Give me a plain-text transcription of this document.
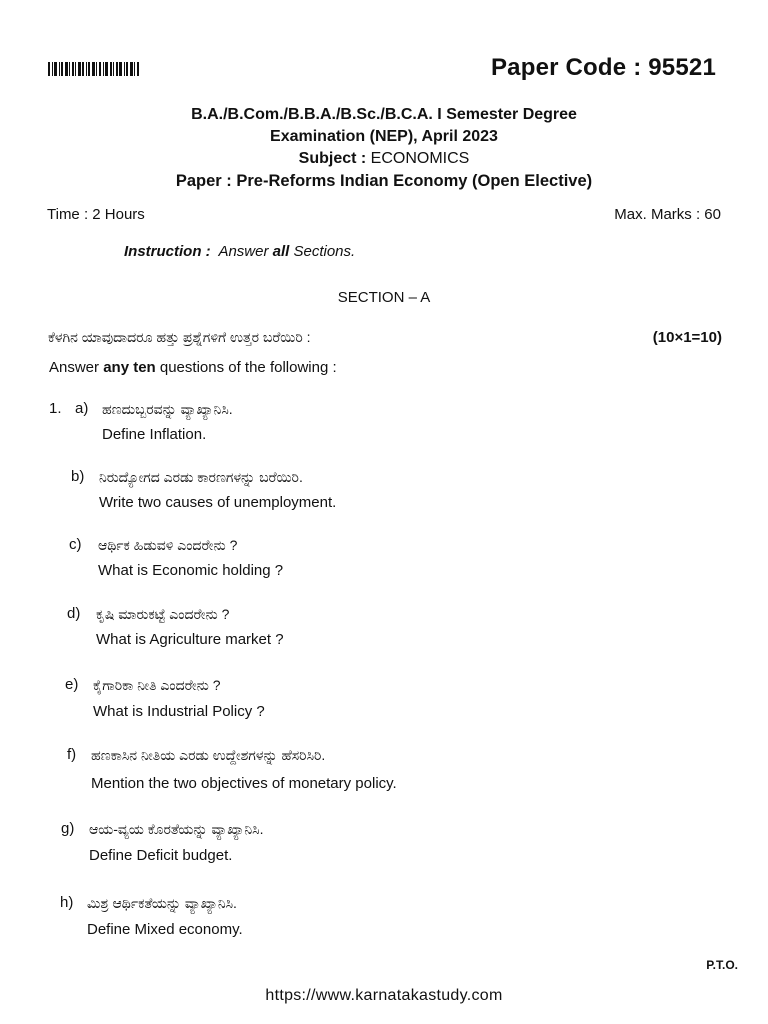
Paper Code : 95521
B.A./B.Com./B.B.A./B.Sc./B.C.A. I Semester Degree
Examination (NEP), April 2023
Subject : ECONOMICS
Paper : Pre-Reforms Indian Economy (Open Elective)
Time : 2 Hours	Max. Marks : 60
Instruction : Answer all Sections.
SECTION – A
ಕೆಳಗಿನ ಯಾವುದಾದರೂ ಹತ್ತು ಪ್ರಶ್ನೆಗಳಿಗೆ ಉತ್ತರ ಬರೆಯಿರಿ :	(10×1=10)
Answer any ten questions of the following :
1. a) ಹಣದುಬ್ಬರವನ್ನು ವ್ಯಾಖ್ಯಾನಿಸಿ.
Define Inflation.
b) ನಿರುದ್ಯೋಗದ ಎರಡು ಕಾರಣಗಳನ್ನು ಬರೆಯಿರಿ.
Write two causes of unemployment.
c) ಆರ್ಥಿಕ ಹಿಡುವಳಿ ಎಂದರೇನು ?
What is Economic holding ?
d) ಕೃಷಿ ಮಾರುಕಟ್ಟೆ ಎಂದರೇನು ?
What is Agriculture market ?
e) ಕೈಗಾರಿಕಾ ನೀತಿ ಎಂದರೇನು ?
What is Industrial Policy ?
f) ಹಣಕಾಸಿನ ನೀತಿಯ ಎರಡು ಉದ್ದೇಶಗಳನ್ನು ಹೆಸರಿಸಿರಿ.
Mention the two objectives of monetary policy.
g) ಆಯ-ವ್ಯಯ ಕೊರತೆಯನ್ನು ವ್ಯಾಖ್ಯಾನಿಸಿ.
Define Deficit budget.
h) ಮಿಶ್ರ ಆರ್ಥಿಕತೆಯನ್ನು ವ್ಯಾಖ್ಯಾನಿಸಿ.
Define Mixed economy.
P.T.O.
https://www.karnatakastudy.com
